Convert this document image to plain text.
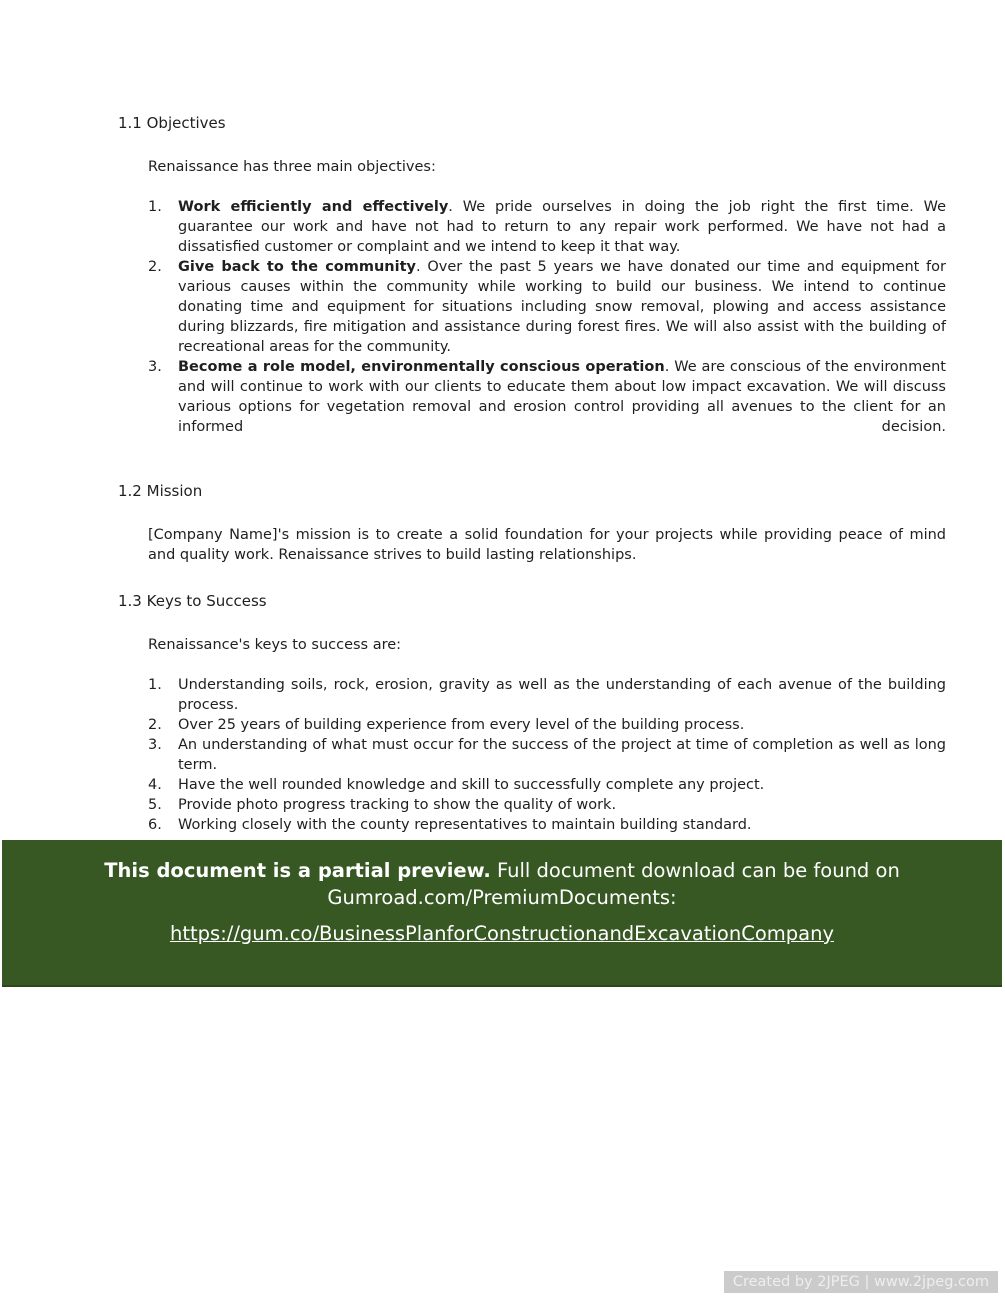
1.1 Objectives

Renaissance has three main objectives:

1.	Work efficiently and effectively. We pride ourselves in doing the job right the first time. We guarantee our work and have not had to return to any repair work performed. We have not had a dissatisfied customer or complaint and we intend to keep it that way.
2.	Give back to the community. Over the past 5 years we have donated our time and equipment for various causes within the community while working to build our business. We intend to continue donating time and equipment for situations including snow removal, plowing and access assistance during blizzards, fire mitigation and assistance during forest fires. We will also assist with the building of recreational areas for the community.
3.	Become a role model, environmentally conscious operation. We are conscious of the environment and will continue to work with our clients to educate them about low impact excavation. We will discuss various options for vegetation removal and erosion control providing all avenues to the client for an informed decision.
1.2 Mission

[Company Name]'s mission is to create a solid foundation for your projects while providing peace of mind and quality work. Renaissance strives to build lasting relationships.

1.3 Keys to Success

Renaissance's keys to success are:

1.	Understanding soils, rock, erosion, gravity as well as the understanding of each avenue of the building process.
2.	Over 25 years of building experience from every level of the building process.
3.	An understanding of what must occur for the success of the project at time of completion as well as long term.
4.	Have the well rounded knowledge and skill to successfully complete any project.
5.	Provide photo progress tracking to show the quality of work.
6.	Working closely with the county representatives to maintain building standard.

This document is a partial preview. Full document download can be found on Gumroad.com/PremiumDocuments:

https://gum.co/BusinessPlanforConstructionandExcavationCompany

Created by 2JPEG | www.2jpeg.com
